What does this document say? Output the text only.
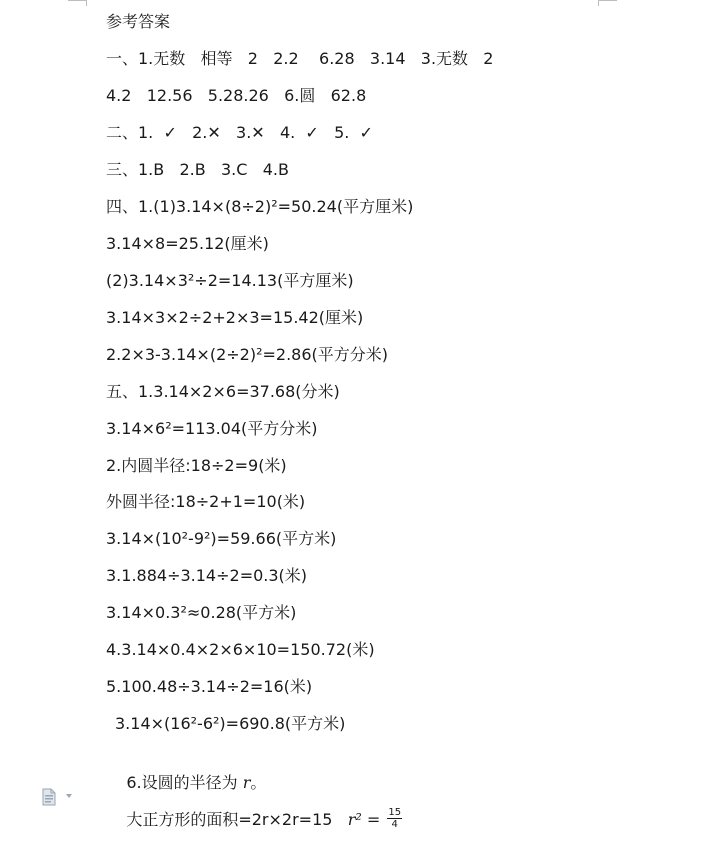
参考答案
一、1.无数   相等   2   2.2    6.28   3.14   3.无数   2
4.2   12.56   5.28.26   6.圆   62.8
二、1.  ✓   2.✕   3.✕   4.  ✓   5.  ✓
三、1.B   2.B   3.C   4.B
四、1.(1)3.14×(8÷2)²=50.24(平方厘米)
3.14×8=25.12(厘米)
(2)3.14×3²÷2=14.13(平方厘米)
3.14×3×2÷2+2×3=15.42(厘米)
2.2×3-3.14×(2÷2)²=2.86(平方分米)
五、1.3.14×2×6=37.68(分米)
3.14×6²=113.04(平方分米)
2.内圆半径:18÷2=9(米)
外圆半径:18÷2+1=10(米)
3.14×(10²-9²)=59.66(平方米)
3.1.884÷3.14÷2=0.3(米)
3.14×0.3²≈0.28(平方米)
4.3.14×0.4×2×6×10=150.72(米)
5.100.48÷3.14÷2=16(米)
3.14×(16²-6²)=690.8(平方米)

6.设圆的半径为 r。

大正方形的面积=2r×2r=15   $r^2 = \frac{15}{4}$
